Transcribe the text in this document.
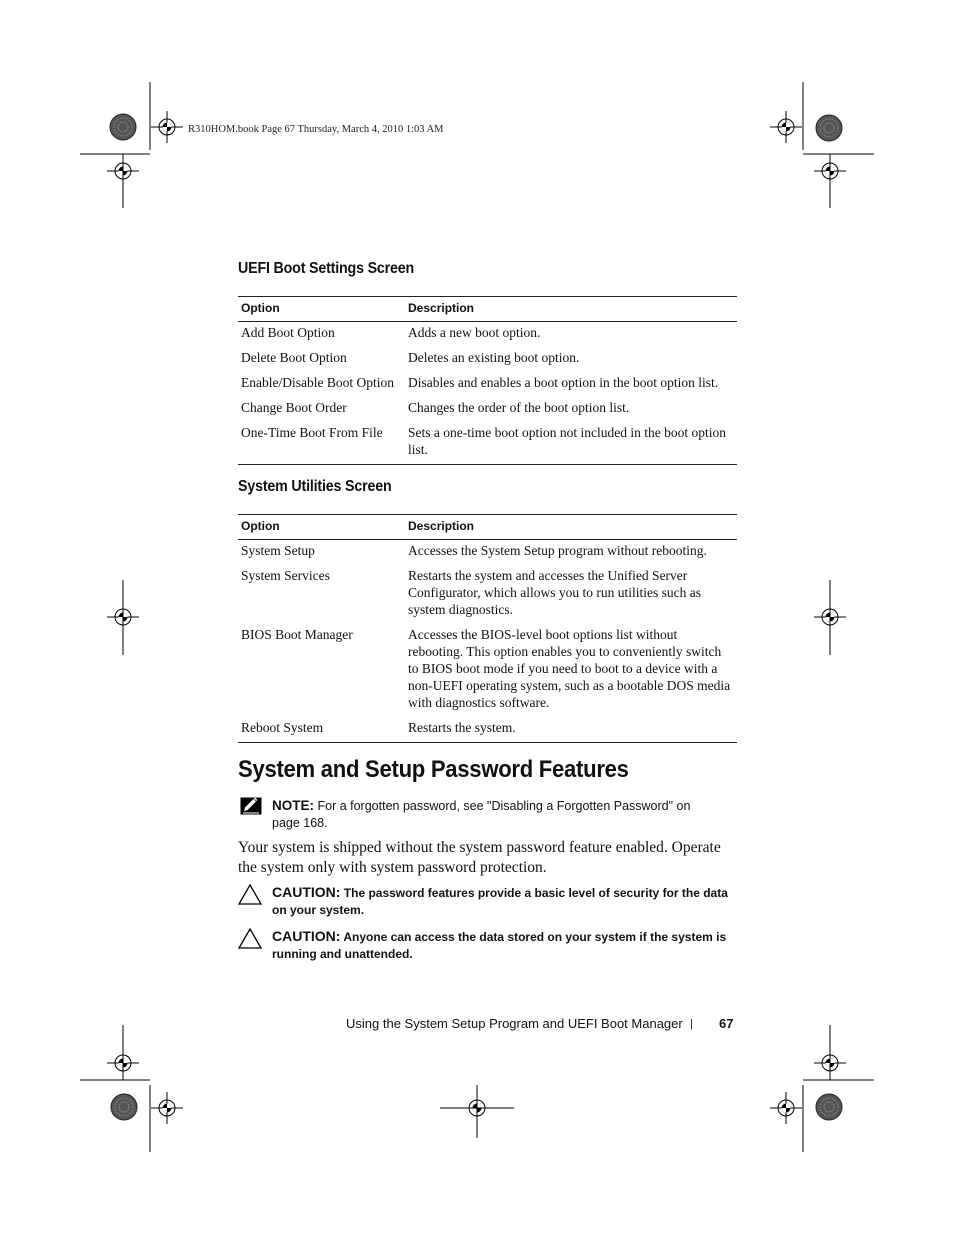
R310HOM.book Page 67 Thursday, March 4, 2010 1:03 AM
UEFI Boot Settings Screen
Option	Description
Add Boot Option	Adds a new boot option.
Delete Boot Option	Deletes an existing boot option.
Enable/Disable Boot Option	Disables and enables a boot option in the boot option list.
Change Boot Order	Changes the order of the boot option list.
One-Time Boot From File	Sets a one-time boot option not included in the boot option list.
System Utilities Screen
Option	Description
System Setup	Accesses the System Setup program without rebooting.
System Services	Restarts the system and accesses the Unified Server Configurator, which allows you to run utilities such as system diagnostics.
BIOS Boot Manager	Accesses the BIOS-level boot options list without rebooting. This option enables you to conveniently switch to BIOS boot mode if you need to boot to a device with a non-UEFI operating system, such as a bootable DOS media with diagnostics software.
Reboot System	Restarts the system.
System and Setup Password Features
NOTE: For a forgotten password, see "Disabling a Forgotten Password" on page 168.
Your system is shipped without the system password feature enabled. Operate the system only with system password protection.
CAUTION: The password features provide a basic level of security for the data on your system.
CAUTION: Anyone can access the data stored on your system if the system is running and unattended.
Using the System Setup Program and UEFI Boot Manager | 67
